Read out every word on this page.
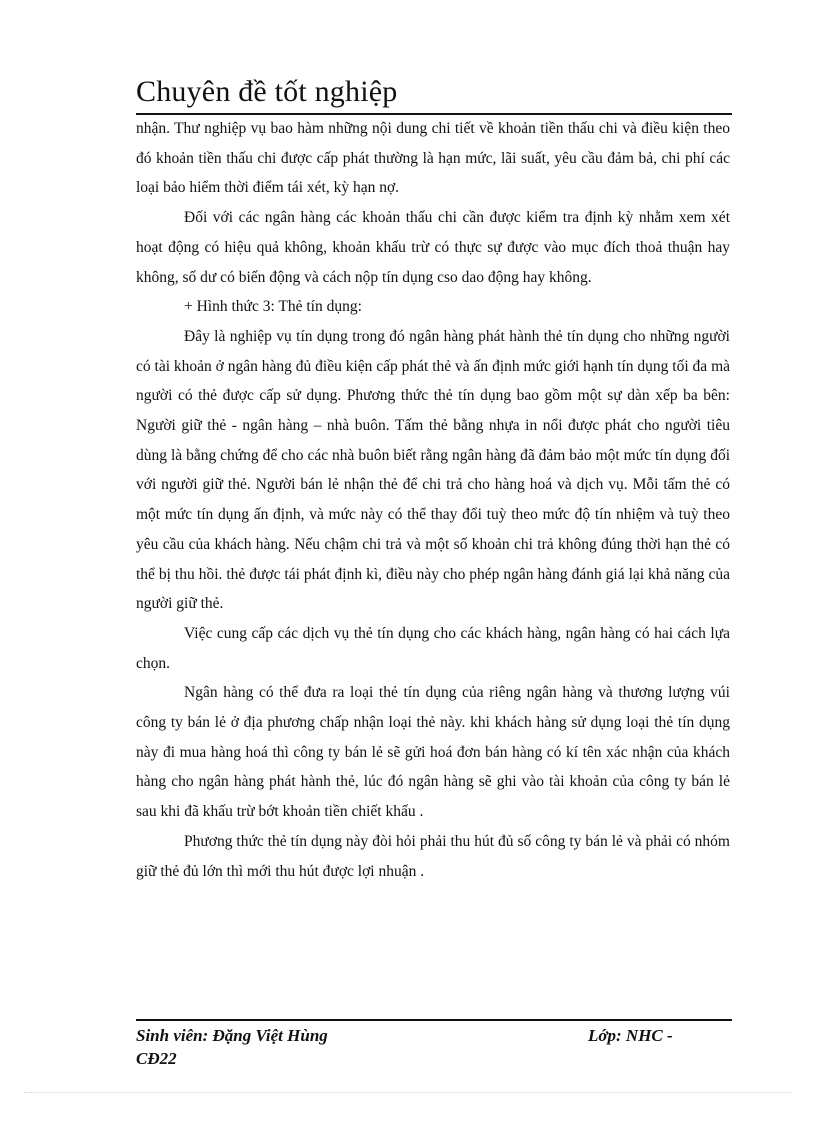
Chuyên đề tốt nghiệp

nhận. Thư nghiệp vụ bao hàm những nội dung chi tiết về khoản tiền thấu chi và điều kiện theo đó khoản tiền thấu chi được cấp phát thường là hạn mức, lãi suất, yêu cầu đảm bả, chi phí các loại bảo hiểm thời điểm tái xét, kỳ hạn nợ.

Đối với các ngân hàng các khoản thấu chi cần được kiểm tra định kỳ nhằm xem xét hoạt động có hiệu quả không, khoản khấu trừ có thực sự được vào mục đích thoả thuận hay không, số dư có biến động và cách nộp tín dụng cso dao động hay không.

+ Hình thức 3: Thẻ tín dụng:

Đây là nghiệp vụ tín dụng trong đó ngân hàng phát hành thẻ tín dụng cho những người có tài khoản ở ngân hàng đủ điều kiện cấp phát thẻ và ấn định mức giới hạnh tín dụng tối đa mà người có thẻ được cấp sử dụng. Phương thức thẻ tín dụng bao gồm một sự dàn xếp ba bên: Người giữ thẻ - ngân hàng – nhà buôn. Tấm thẻ bằng nhựa in nổi được phát cho người tiêu dùng là bằng chứng để cho các nhà buôn biết rằng ngân hàng đã đảm bảo một mức tín dụng đối với người giữ thẻ. Người bán lẻ nhận thẻ để chi trả cho hàng hoá và dịch vụ. Mỗi tấm thẻ có một mức tín dụng ấn định, và mức này có thể thay đổi tuỳ theo mức độ tín nhiệm và tuỳ theo yêu cầu của khách hàng. Nếu chậm chi trả và một số khoản chi trả không đúng thời hạn thẻ có thể bị thu hồi. thẻ được tái phát định kì, điều này cho phép ngân hàng đánh giá lại khả năng của người giữ thẻ.

Việc cung cấp các dịch vụ thẻ tín dụng cho các khách hàng, ngân hàng có hai cách lựa chọn.

Ngân hàng có thể đưa ra loại thẻ tín dụng của riêng ngân hàng và thương lượng vúi công ty bán lẻ ở địa phương chấp nhận loại thẻ này. khi khách hàng sử dụng loại thẻ tín dụng này đi mua hàng hoá thì công ty bán lẻ sẽ gửi hoá đơn bán hàng có kí tên xác nhận của khách hàng cho ngân hàng phát hành thẻ, lúc đó ngân hàng sẽ ghi vào tài khoản của công ty bán lẻ sau khi đã khấu trừ bớt khoản tiền chiết khấu .

Phương thức thẻ tín dụng này đòi hỏi phải thu hút đủ số công ty bán lẻ và phải có nhóm giữ thẻ đủ lớn thì mới thu hút được lợi nhuận .

Sinh viên: Đặng Việt Hùng	Lớp: NHC -
CĐ22
